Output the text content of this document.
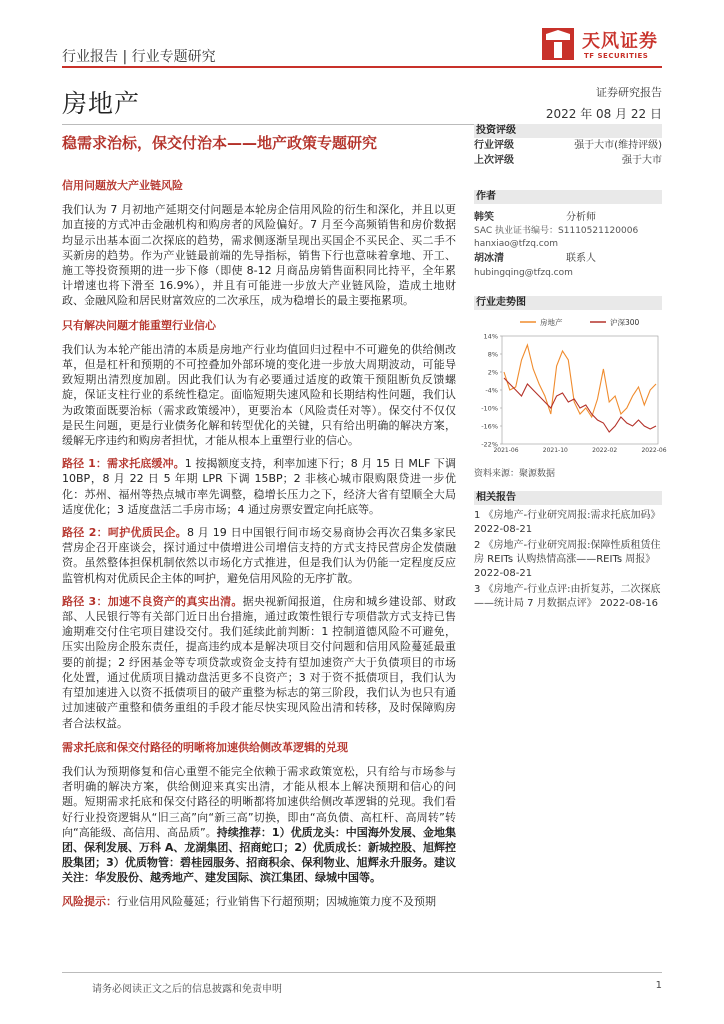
行业报告 | 行业专题研究
天风证券
TF SECURITIES
房地产	证券研究报告
2022 年 08 月 22 日
稳需求治标，保交付治本——地产政策专题研究
信用问题放大产业链风险
我们认为 7 月初地产延期交付问题是本轮房企信用风险的衍生和深化，并且以更加直接的方式冲击金融机构和购房者的风险偏好。7 月至今高频销售和房价数据均显示出基本面二次探底的趋势，需求侧逐渐呈现出买国企不买民企、买二手不买新房的趋势。作为产业链最前端的先导指标，销售下行也意味着拿地、开工、施工等投资预期的进一步下修（即使 8-12 月商品房销售面积同比持平，全年累计增速也将下滑至 16.9%），并且有可能进一步放大产业链风险，造成土地财政、金融风险和居民财富效应的二次承压，成为稳增长的最主要拖累项。
只有解决问题才能重塑行业信心
我们认为本轮产能出清的本质是房地产行业均值回归过程中不可避免的供给侧改革，但是杠杆和预期的不可控叠加外部环境的变化进一步放大周期波动，可能导致短期出清烈度加剧。因此我们认为有必要通过适度的政策干预阻断负反馈螺旋，保证支柱行业的系统性稳定。面临短期失速风险和长期结构性问题，我们认为政策面既要治标（需求政策缓冲），更要治本（风险责任对等）。保交付不仅仅是民生问题，更是行业债务化解和转型优化的关键，只有给出明确的解决方案，缓解无序违约和购房者担忧，才能从根本上重塑行业的信心。
路径 1：需求托底缓冲。1 按揭额度支持，利率加速下行；8 月 15 日 MLF 下调 10BP，8 月 22 日 5 年期 LPR 下调 15BP；2 非核心城市限购限贷进一步优化：苏州、福州等热点城市率先调整，稳增长压力之下，经济大省有望顺全大局适度优化；3 适度盘活二手房市场；4 通过房票安置定向托底等。
路径 2：呵护优质民企。8 月 19 日中国银行间市场交易商协会再次召集多家民营房企召开座谈会，探讨通过中债增进公司增信支持的方式支持民营房企发债融资。虽然整体担保机制依然以市场化方式推进，但是我们认为仍能一定程度反应监管机构对优质民企主体的呵护，避免信用风险的无序扩散。
路径 3：加速不良资产的真实出清。据央视新闻报道，住房和城乡建设部、财政部、人民银行等有关部门近日出台措施，通过政策性银行专项借款方式支持已售逾期难交付住宅项目建设交付。我们延续此前判断：1 控制道德风险不可避免，压实出险房企股东责任，提高违约成本是解决项目交付问题和信用风险蔓延最重要的前提；2 纾困基金等专项贷款或资金支持有望加速资产大于负债项目的市场化处置，通过优质项目撬动盘活更多不良资产；3 对于资不抵债项目，我们认为有望加速进入以资不抵债项目的破产重整为标志的第三阶段，我们认为也只有通过加速破产重整和债务重组的手段才能尽快实现风险出清和转移，及时保障购房者合法权益。
需求托底和保交付路径的明晰将加速供给侧改革逻辑的兑现
我们认为预期修复和信心重塑不能完全依赖于需求政策宽松，只有给与市场参与者明确的解决方案，供给侧迎来真实出清，才能从根本上解决预期和信心的问题。短期需求托底和保交付路径的明晰都将加速供给侧改革逻辑的兑现。我们看好行业投资逻辑从“旧三高”向“新三高”切换，即由“高负债、高杠杆、高周转”转向“高能级、高信用、高品质”。持续推荐：1）优质龙头：中国海外发展、金地集团、保利发展、万科 A、龙湖集团、招商蛇口；2）优质成长：新城控股、旭辉控股集团；3）优质物管：碧桂园服务、招商积余、保利物业、旭辉永升服务。建议关注：华发股份、越秀地产、建发国际、滨江集团、绿城中国等。
风险提示：行业信用风险蔓延；行业销售下行超预期；因城施策力度不及预期
投资评级
行业评级	强于大市(维持评级)
上次评级	强于大市
作者
韩笑	分析师
SAC 执业证书编号：S1110521120006
hanxiao@tfzq.com
胡冰清	联系人
hubingqing@tfzq.com
行业走势图
14%
8%
2%
-4%
-10%
-16%
-22%
2021-06	2021-10	2022-02	2022-06
房地产	沪深300
资料来源：聚源数据
相关报告
1 《房地产-行业研究周报:需求托底加码》 2022-08-21
2 《房地产-行业研究周报:保障性质租赁住房 REITs 认购热情高涨——REITs 周报》 2022-08-21
3 《房地产-行业点评:由折复苏，二次探底——统计局 7 月数据点评》 2022-08-16
请务必阅读正文之后的信息披露和免责申明	1
